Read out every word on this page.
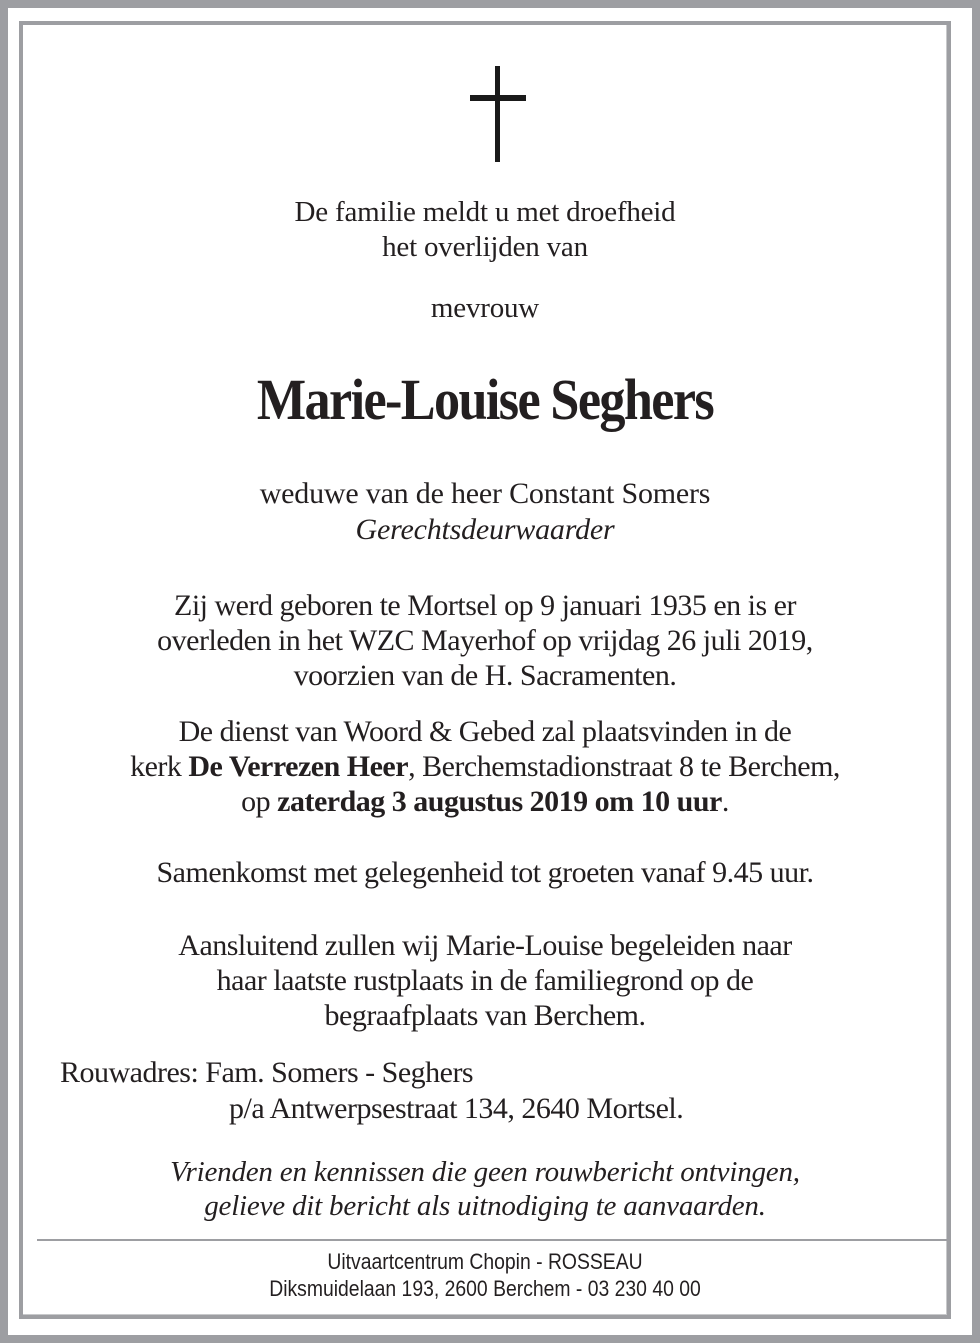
De familie meldt u met droefheid
het overlijden van
mevrouw
Marie-Louise Seghers
weduwe van de heer Constant Somers
Gerechtsdeurwaarder
Zij werd geboren te Mortsel op 9 januari 1935 en is er
overleden in het WZC Mayerhof op vrijdag 26 juli 2019,
voorzien van de H. Sacramenten.
De dienst van Woord & Gebed zal plaatsvinden in de
kerk De Verrezen Heer, Berchemstadionstraat 8 te Berchem,
op zaterdag 3 augustus 2019 om 10 uur.
Samenkomst met gelegenheid tot groeten vanaf 9.45 uur.
Aansluitend zullen wij Marie-Louise begeleiden naar
haar laatste rustplaats in de familiegrond op de
begraafplaats van Berchem.
Rouwadres: Fam. Somers - Seghers
p/a Antwerpsestraat 134, 2640 Mortsel.
Vrienden en kennissen die geen rouwbericht ontvingen,
gelieve dit bericht als uitnodiging te aanvaarden.
Uitvaartcentrum Chopin - ROSSEAU
Diksmuidelaan 193, 2600 Berchem - 03 230 40 00
